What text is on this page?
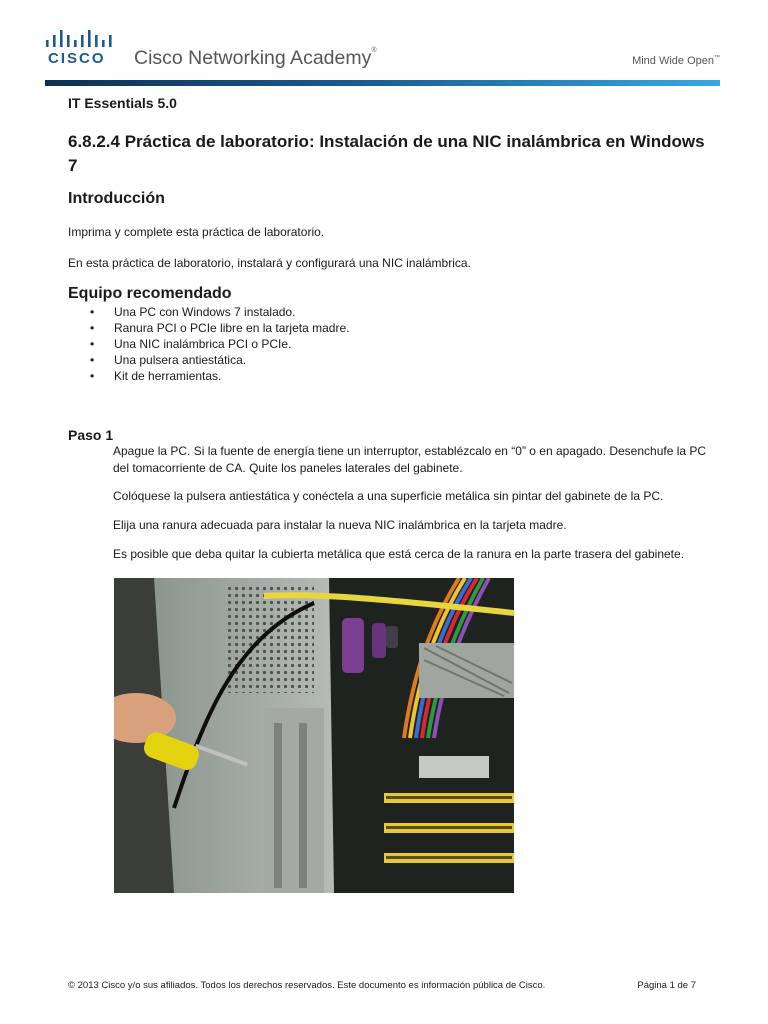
CISCO Cisco Networking Academy®
Mind Wide Open™
IT Essentials 5.0
6.8.2.4 Práctica de laboratorio: Instalación de una NIC inalámbrica en Windows 7
Introducción
Imprima y complete esta práctica de laboratorio.
En esta práctica de laboratorio, instalará y configurará una NIC inalámbrica.
Equipo recomendado
• Una PC con Windows 7 instalado.
• Ranura PCI o PCIe libre en la tarjeta madre.
• Una NIC inalámbrica PCI o PCIe.
• Una pulsera antiestática.
• Kit de herramientas.
Paso 1
Apague la PC. Si la fuente de energía tiene un interruptor, establézcalo en “0” o en apagado. Desenchufe la PC del tomacorriente de CA. Quite los paneles laterales del gabinete.
Colóquese la pulsera antiestática y conéctela a una superficie metálica sin pintar del gabinete de la PC.
Elija una ranura adecuada para instalar la nueva NIC inalámbrica en la tarjeta madre.
Es posible que deba quitar la cubierta metálica que está cerca de la ranura en la parte trasera del gabinete.
© 2013 Cisco y/o sus afiliados. Todos los derechos reservados. Este documento es información pública de Cisco.	Página 1 de 7
